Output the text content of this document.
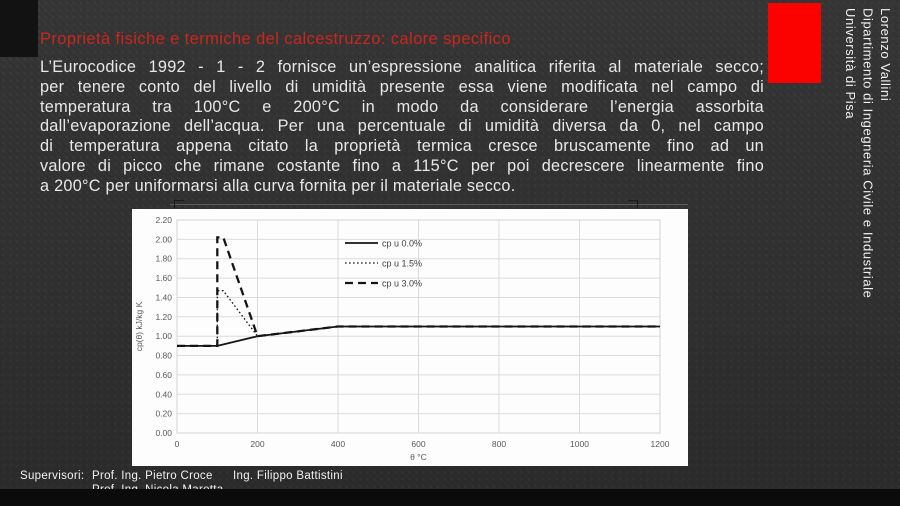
Proprietà fisiche e termiche del calcestruzzo: calore specifico
L’Eurocodice 1992 - 1 - 2 fornisce un’espressione analitica riferita al materiale secco;
per tenere conto del livello di umidità presente essa viene modificata nel campo di
temperatura tra 100°C e 200°C in modo da considerare l’energia assorbita
dall’evaporazione dell’acqua. Per una percentuale di umidità diversa da 0, nel campo
di temperatura appena citato la proprietà termica cresce bruscamente fino ad un
valore di picco che rimane costante fino a 115°C per poi decrescere linearmente fino
a 200°C per uniformarsi alla curva fornita per il materiale secco.
Lorenzo Vallini
Dipartimento di Ingegneria Civile e Industriale
Università di Pisa
0.00
0.20
0.40
0.60
0.80
1.00
1.20
1.40
1.60
1.80
2.00
2.20
0	200	400	600	800	1000	1200
θ °C
cp(θ) kJ/kg K
cp u 0.0%
cp u 1.5%
cp u 3.0%
Supervisori: Prof. Ing. Pietro Croce Ing. Filippo Battistini
